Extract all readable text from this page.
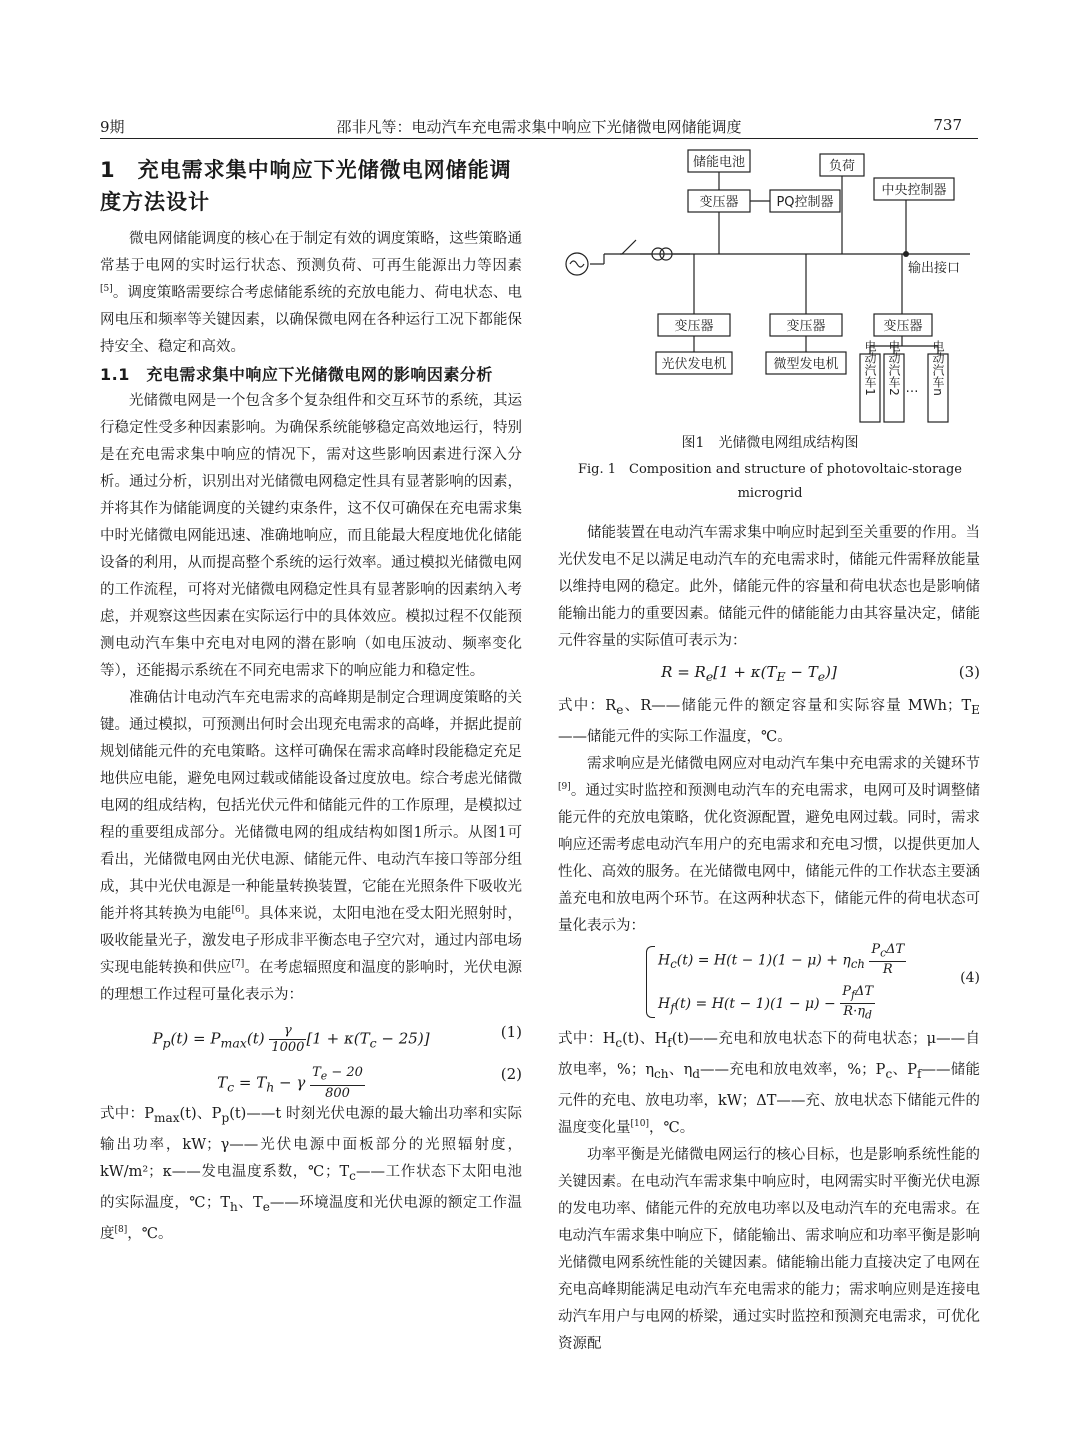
9期	邵非凡等：电动汽车充电需求集中响应下光储微电网储能调度	737
1　充电需求集中响应下光储微电网储能调度方法设计

微电网储能调度的核心在于制定有效的调度策略，这些策略通常基于电网的实时运行状态、预测负荷、可再生能源出力等因素[5]。调度策略需要综合考虑储能系统的充放电能力、荷电状态、电网电压和频率等关键因素，以确保微电网在各种运行工况下都能保持安全、稳定和高效。

1.1　充电需求集中响应下光储微电网的影响因素分析

光储微电网是一个包含多个复杂组件和交互环节的系统，其运行稳定性受多种因素影响。为确保系统能够稳定高效地运行，特别是在充电需求集中响应的情况下，需对这些影响因素进行深入分析。通过分析，识别出对光储微电网稳定性具有显著影响的因素，并将其作为储能调度的关键约束条件，这不仅可确保在充电需求集中时光储微电网能迅速、准确地响应，而且能最大程度地优化储能设备的利用，从而提高整个系统的运行效率。通过模拟光储微电网的工作流程，可将对光储微电网稳定性具有显著影响的因素纳入考虑，并观察这些因素在实际运行中的具体效应。模拟过程不仅能预测电动汽车集中充电对电网的潜在影响（如电压波动、频率变化等），还能揭示系统在不同充电需求下的响应能力和稳定性。

准确估计电动汽车充电需求的高峰期是制定合理调度策略的关键。通过模拟，可预测出何时会出现充电需求的高峰，并据此提前规划储能元件的充电策略。这样可确保在需求高峰时段能稳定充足地供应电能，避免电网过载或储能设备过度放电。综合考虑光储微电网的组成结构，包括光伏元件和储能元件的工作原理，是模拟过程的重要组成部分。光储微电网的组成结构如图1所示。从图1可看出，光储微电网由光伏电源、储能元件、电动汽车接口等部分组成，其中光伏电源是一种能量转换装置，它能在光照条件下吸收光能并将其转换为电能[6]。具体来说，太阳电池在受太阳光照射时，吸收能量光子，激发电子形成非平衡态电子空穴对，通过内部电场实现电能转换和供应[7]。在考虑辐照度和温度的影响时，光伏电源的理想工作过程可量化表示为：

$P_p(t) = P_{max}(t) \frac{\gamma}{1000} [1 + \kappa(T_c - 25)]$	(1)
$T_c = T_h - \gamma \frac{T_e - 20}{800}$	(2)

式中：$P_{max}(t)$、$P_p(t)——t$ 时刻光伏电源的最大输出功率和实际输出功率，kW；γ——光伏电源中面板部分的光照辐射度，kW/m²；κ——发电温度系数，℃；$T_c——$工作状态下太阳电池的实际温度，℃；$T_h$、$T_e——$环境温度和光伏电源的额定工作温度[8]，℃。

储能电池
变压器	PQ控制器
负荷
中央控制器
输出接口
变压器	变压器	变压器
光伏发电机	微型发电机
…
电动汽车1 电动汽车2	电动汽车n
图1　光储微电网组成结构图
Fig. 1　Composition and structure of photovoltaic-storage microgrid

储能装置在电动汽车需求集中响应时起到至关重要的作用。当光伏发电不足以满足电动汽车的充电需求时，储能元件需释放能量以维持电网的稳定。此外，储能元件的容量和荷电状态也是影响储能输出能力的重要因素。储能元件的储能能力由其容量决定，储能元件容量的实际值可表示为：

$R = R_e[1 + \kappa(T_E - T_e)]$	(3)

式中：$R_e$、R——储能元件的额定容量和实际容量 MWh；$T_E——$储能元件的实际工作温度，℃。

需求响应是光储微电网应对电动汽车集中充电需求的关键环节[9]。通过实时监控和预测电动汽车的充电需求，电网可及时调整储能元件的充放电策略，优化资源配置，避免电网过载。同时，需求响应还需考虑电动汽车用户的充电需求和充电习惯，以提供更加人性化、高效的服务。在光储微电网中，储能元件的工作状态主要涵盖充电和放电两个环节。在这两种状态下，储能元件的荷电状态可量化表示为：

$H_c(t) = H(t - 1)(1 - \mu) + \eta_{ch} \frac{P_c\Delta T}{R}$
$H_f(t) = H(t - 1)(1 - \mu) - \frac{P_f\Delta T}{R\cdot\eta_d}$
(4)

式中：$H_c(t)$、$H_f(t)——$充电和放电状态下的荷电状态；μ——自放电率，%；$\eta_{ch}$、$\eta_d——$充电和放电效率，%；$P_c$、$P_f——$储能元件的充电、放电功率，kW；ΔT——充、放电状态下储能元件的温度变化量[10]，℃。

功率平衡是光储微电网运行的核心目标，也是影响系统性能的关键因素。在电动汽车需求集中响应时，电网需实时平衡光伏电源的发电功率、储能元件的充放电功率以及电动汽车的充电需求。在电动汽车需求集中响应下，储能输出、需求响应和功率平衡是影响光储微电网系统性能的关键因素。储能输出能力直接决定了电网在充电高峰期能满足电动汽车充电需求的能力；需求响应则是连接电动汽车用户与电网的桥梁，通过实时监控和预测充电需求，可优化资源配
